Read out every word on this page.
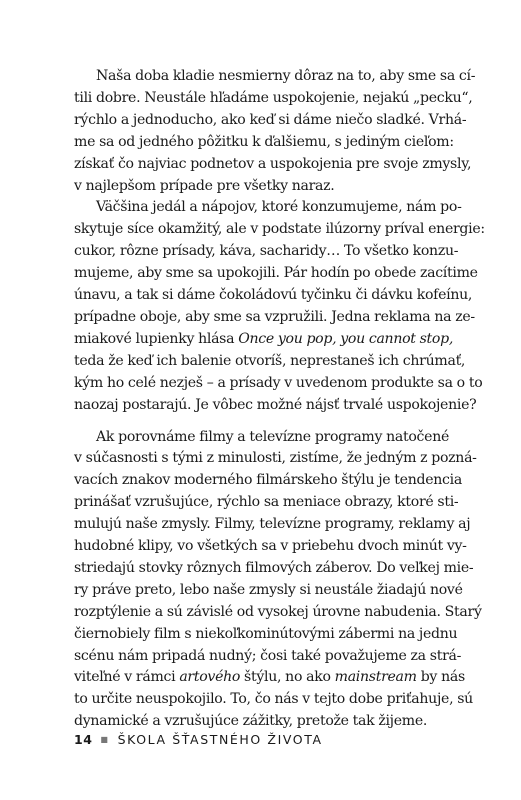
Naša doba kladie nesmierny dôraz na to, aby sme sa cí-
tili dobre. Neustále hľadáme uspokojenie, nejakú „pecku“,
rýchlo a jednoducho, ako keď si dáme niečo sladké. Vrhá-
me sa od jedného pôžitku k ďalšiemu, s jediným cieľom:
získať čo najviac podnetov a uspokojenia pre svoje zmysly,
v najlepšom prípade pre všetky naraz.

Väčšina jedál a nápojov, ktoré konzumujeme, nám po-
skytuje síce okamžitý, ale v podstate ilúzorny príval energie:
cukor, rôzne prísady, káva, sacharidy… To všetko konzu-
mujeme, aby sme sa upokojili. Pár hodín po obede zacítime
únavu, a tak si dáme čokoládovú tyčinku či dávku kofeínu,
prípadne oboje, aby sme sa vzpružili. Jedna reklama na ze-
miakové lupienky hlása Once you pop, you cannot stop,
teda že keď ich balenie otvoríš, neprestaneš ich chrúmať,
kým ho celé nezješ – a prísady v uvedenom produkte sa o to
naozaj postarajú. Je vôbec možné nájsť trvalé uspokojenie?

Ak porovnáme filmy a televízne programy natočené
v súčasnosti s tými z minulosti, zistíme, že jedným z pozná-
vacích znakov moderného filmárskeho štýlu je tendencia
prinášať vzrušujúce, rýchlo sa meniace obrazy, ktoré sti-
mulujú naše zmysly. Filmy, televízne programy, reklamy aj
hudobné klipy, vo všetkých sa v priebehu dvoch minút vy-
striedajú stovky rôznych filmových záberov. Do veľkej mie-
ry práve preto, lebo naše zmysly si neustále žiadajú nové
rozptýlenie a sú závislé od vysokej úrovne nabudenia. Starý
čiernobiely film s niekoľkominútovými zábermi na jednu
scénu nám pripadá nudný; čosi také považujeme za strá-
viteľné v rámci artového štýlu, no ako mainstream by nás
to určite neuspokojilo. To, čo nás v tejto dobe priťahuje, sú
dynamické a vzrušujúce zážitky, pretože tak žijeme.

14 ■ ŠKOLA ŠŤASTNÉHO ŽIVOTA
